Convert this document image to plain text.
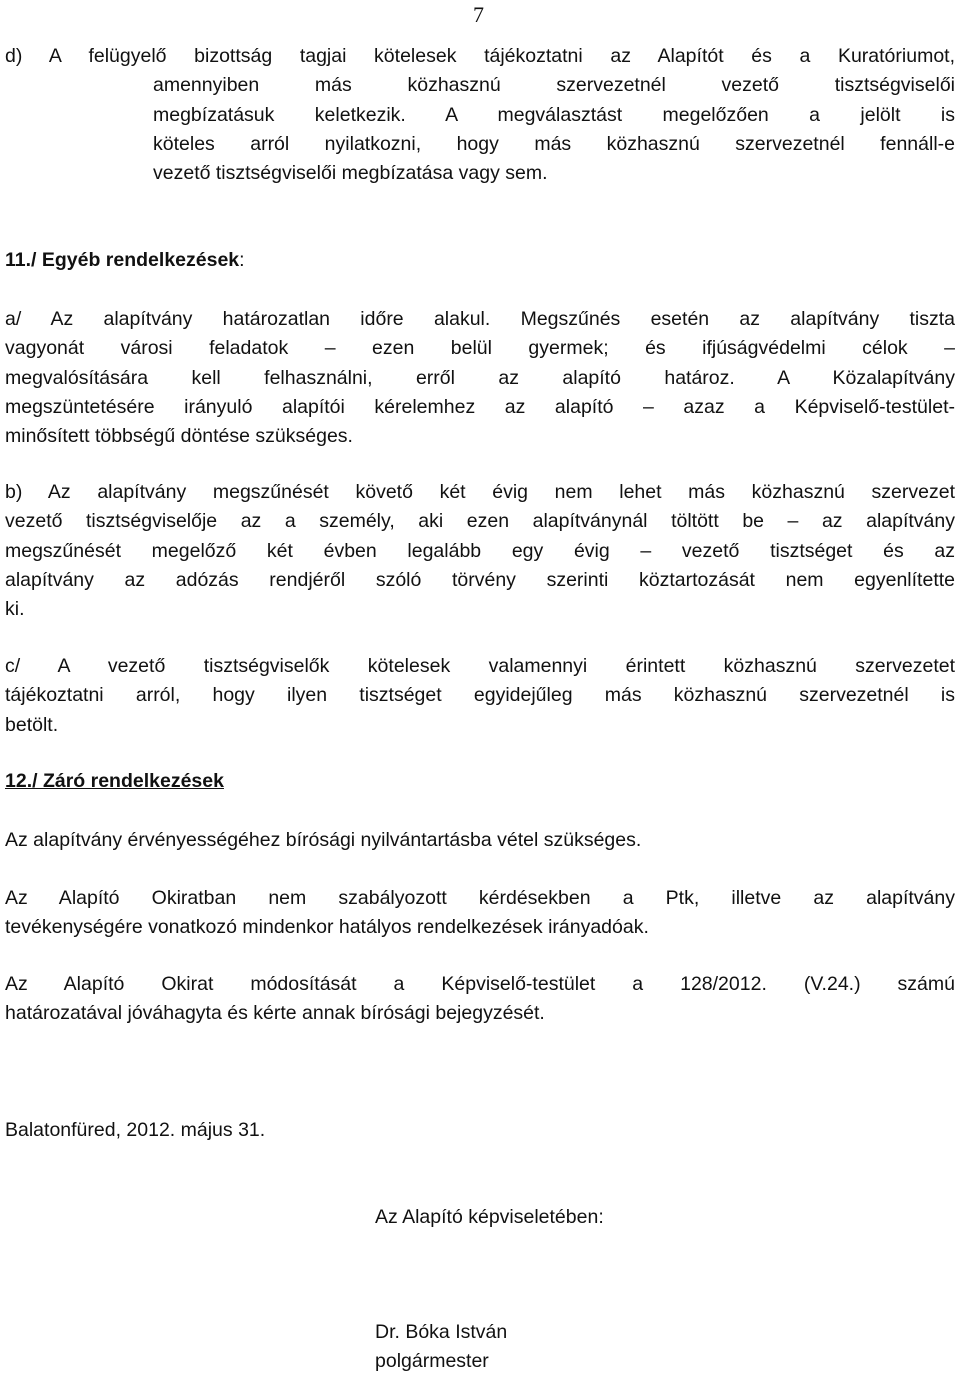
7
d) A felügyelő bizottság tagjai kötelesek tájékoztatni az Alapítót és a Kuratóriumot,
amennyiben más közhasznú szervezetnél vezető tisztségviselői
megbízatásuk keletkezik. A megválasztást megelőzően a jelölt is
köteles arról nyilatkozni, hogy más közhasznú szervezetnél fennáll-e
vezető tisztségviselői megbízatása vagy sem.
11./ Egyéb rendelkezések:
a/ Az alapítvány határozatlan időre alakul. Megszűnés esetén az alapítvány tiszta
vagyonát városi feladatok – ezen belül gyermek; és ifjúságvédelmi célok –
megvalósítására kell felhasználni, erről az alapító határoz. A Közalapítvány
megszüntetésére irányuló alapítói kérelemhez az alapító – azaz a Képviselő-testület-
minősített többségű döntése szükséges.
b) Az alapítvány megszűnését követő két évig nem lehet más közhasznú szervezet
vezető tisztségviselője az a személy, aki ezen alapítványnál töltött be – az alapítvány
megszűnését megelőző két évben legalább egy évig – vezető tisztséget és az
alapítvány az adózás rendjéről szóló törvény szerinti köztartozását nem egyenlítette
ki.
c/ A vezető tisztségviselők kötelesek valamennyi érintett közhasznú szervezetet
tájékoztatni arról, hogy ilyen tisztséget egyidejűleg más közhasznú szervezetnél is
betölt.
12./ Záró rendelkezések
Az alapítvány érvényességéhez bírósági nyilvántartásba vétel szükséges.
Az Alapító Okiratban nem szabályozott kérdésekben a Ptk, illetve az alapítvány
tevékenységére vonatkozó mindenkor hatályos rendelkezések irányadóak.
Az Alapító Okirat módosítását a Képviselő-testület a 128/2012. (V.24.) számú
határozatával jóváhagyta és kérte annak bírósági bejegyzését.
Balatonfüred, 2012. május 31.
Az Alapító képviseletében:
Dr. Bóka István
polgármester
